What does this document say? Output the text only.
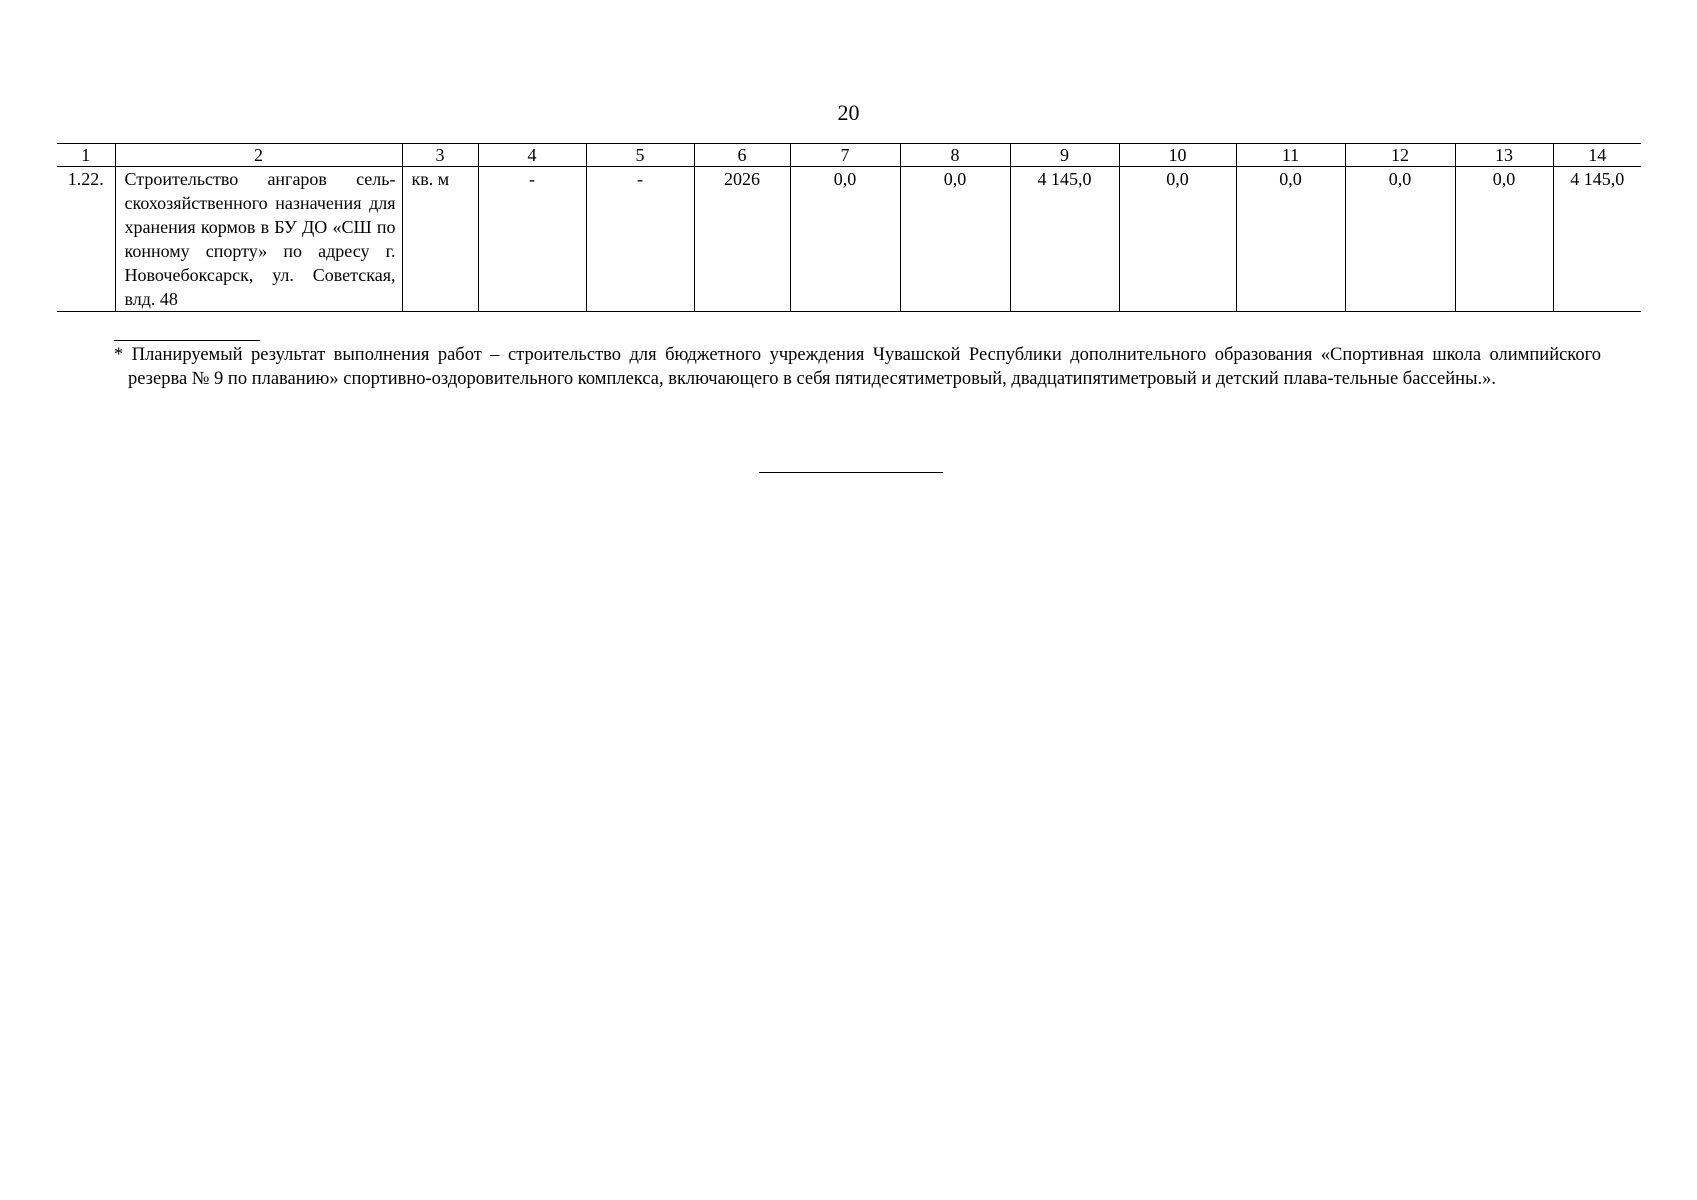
20
1	2	3	4	5	6	7	8	9	10	11	12	13	14
1.22.	Строительство ангаров сель-скохозяйственного назначения для хранения кормов в БУ ДО «СШ по конному спорту» по адресу г. Новочебоксарск, ул. Советская, влд. 48	кв. м	-	-	2026	0,0	0,0	4 145,0	0,0	0,0	0,0	0,0	4 145,0
* Планируемый результат выполнения работ – строительство для бюджетного учреждения Чувашской Республики дополнительного образования «Спортивная школа олимпийского резерва № 9 по плаванию» спортивно-оздоровительного комплекса, включающего в себя пятидесятиметровый, двадцатипятиметровый и детский плава-тельные бассейны.».
